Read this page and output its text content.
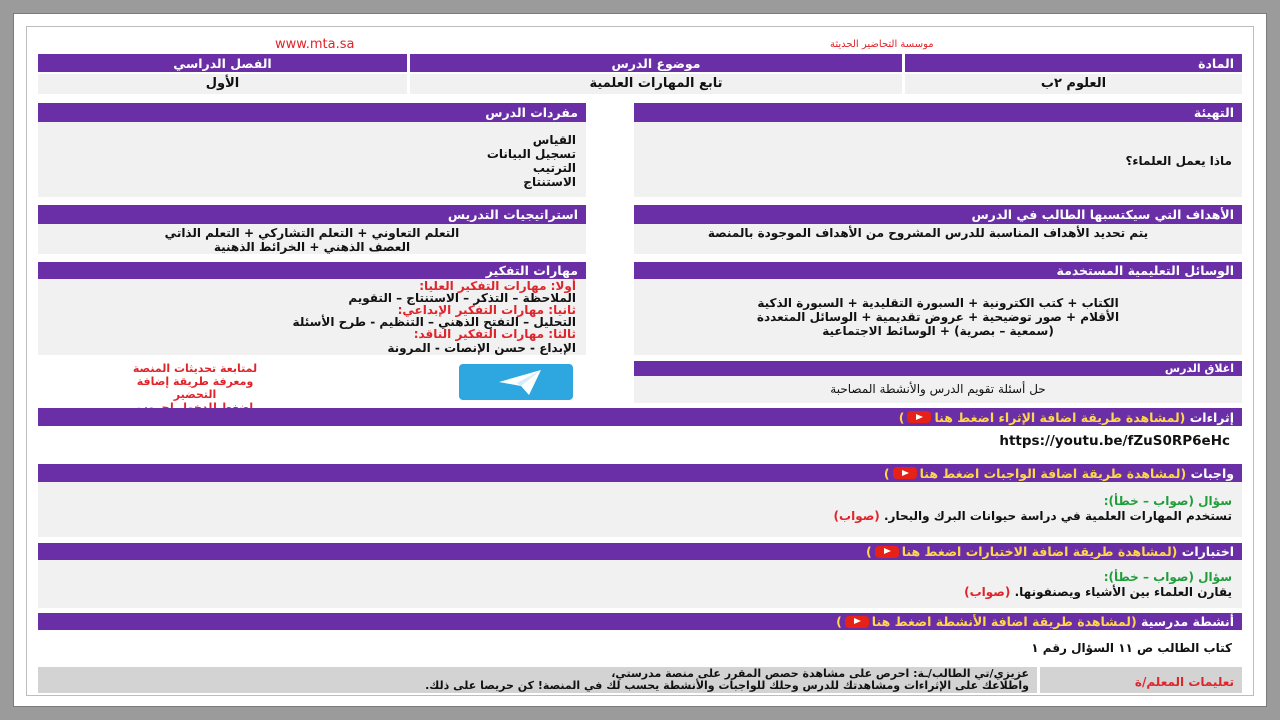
www.mta.sa	موسسة التحاضير الحديثة
الفصل الدراسي	موضوع الدرس	المادة
الأول	تابع المهارات العلمية	العلوم ٢ب
مفردات الدرس
القياس
تسجيل البيانات
الترتيب
الاستنتاج
التهيئة
ماذا يعمل العلماء؟
استراتيجيات التدريس
التعلم التعاوني + التعلم التشاركي + التعلم الذاتي
العصف الذهني + الخرائط الذهنية
الأهداف التي سيكتسبها الطالب في الدرس
يتم تحديد الأهداف المناسبة للدرس المشروح من الأهداف الموجودة بالمنصة
مهارات التفكير
أولا: مهارات التفكير العليا:
الملاحظة – التذكر – الاستنتاج – التقويم
ثانيا: مهارات التفكير الإبداعي:
التحليل – التفتح الذهني – التنظيم - طرح الأسئلة
ثالثا: مهارات التفكير الناقد:
الإبداع - حسن الإنصات - المرونة
الوسائل التعليمية المستخدمة
الكتاب + كتب الكترونية + السبورة التقليدية + السبورة الذكية
الأقلام + صور توضيحية + عروض تقديمية + الوسائل المتعددة
(سمعية – بصرية) + الوسائط الاجتماعية
لمتابعة تحديثات المنصة
ومعرفة طريقة إضافة التحضير
اغلاق الدرس
حل أسئلة تقويم الدرس والأنشطة المصاحبة
إثراءات

(لمشاهدة طريقة اضافة الإثراء اضغط هنا
)
https://youtu.be/fZuS0RP6eHc
واجبات

(لمشاهدة طريقة اضافة الواجبات اضغط هنا
)
سؤال (صواب – خطأ):
تستخدم المهارات العلمية في دراسة حيوانات البرك والبحار. (صواب)
اختبارات

(لمشاهدة طريقة اضافة الاختبارات اضغط هنا
)
سؤال (صواب – خطأ):
يقارن العلماء بين الأشياء ويصنفونها. (صواب)
أنشطة مدرسية

(لمشاهدة طريقة اضافة الأنشطة اضغط هنا
)
كتاب الطالب ص ١١ السؤال رقم ١
تعليمات المعلم/ة
عزيزي/تي الطالب/ـة: احرص على مشاهدة حصص المقرر على منصة مدرستي،
واطلاعك على الإثراءات ومشاهدتك للدرس وحلك للواجبات والأنشطة يحسب لك في المنصة! كن حريصا على ذلك.
